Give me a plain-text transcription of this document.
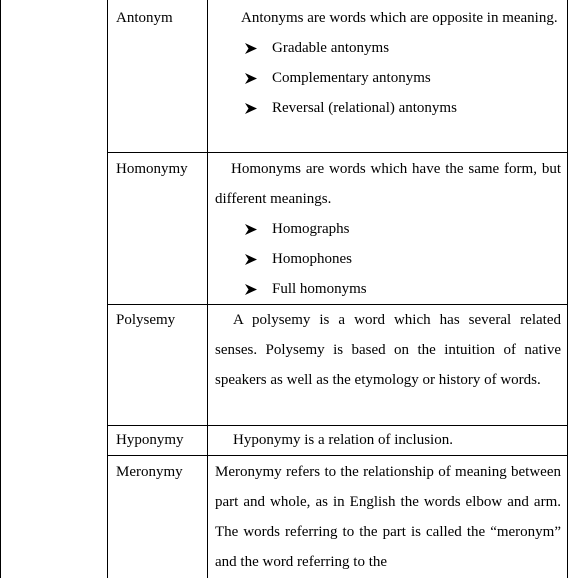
Antonym	Antonyms are words which are opposite in meaning.

Gradable antonyms
Complementary antonyms
Reversal (relational) antonyms
Homonymy	Homonyms are words which have the same form, but different meanings.

Homographs
Homophones
Full homonyms
Polysemy	A polysemy is a word which has several related senses. Polysemy is based on the intuition of native speakers as well as the etymology or history of words.

Hyponymy	Hyponymy is a relation of inclusion.

Meronymy	Meronymy refers to the relationship of meaning between part and whole, as in English the words elbow and arm. The words referring to the part is called the “meronym” and the word referring to the
